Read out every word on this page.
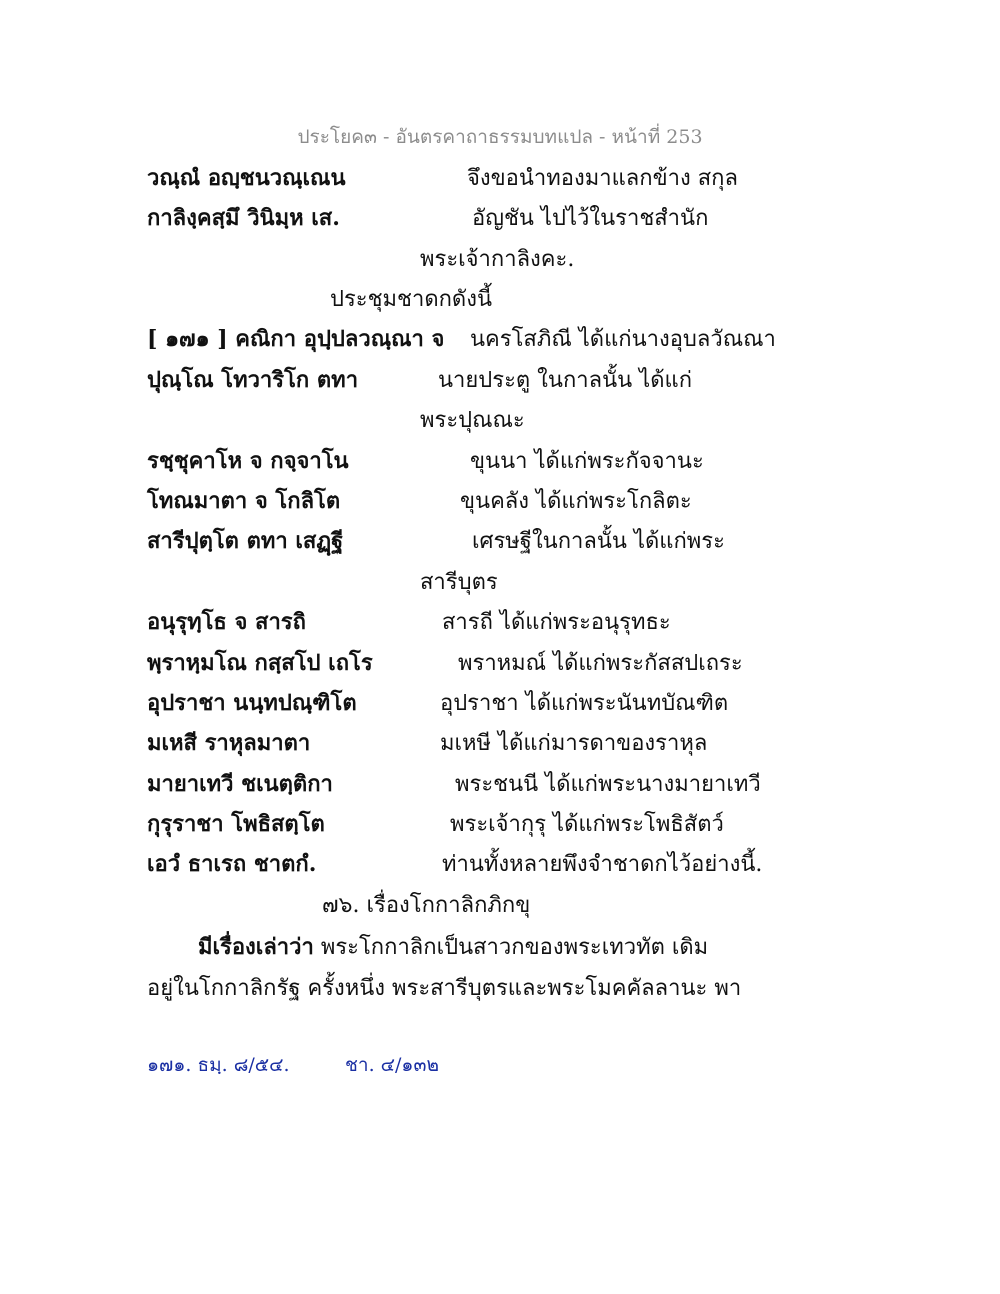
ประโยค๓ - อันตรคาถาธรรมบทแปล - หน้าที่ 253
วณฺณํ อญฺชนวณฺเณน	จึงขอนำทองมาแลกข้าง สกุล
กาลิงฺคสฺมึ วินิมฺห เส.	อัญชัน ไปไว้ในราชสำนัก
พระเจ้ากาลิงคะ.
ประชุมชาดกดังนี้
[ ๑๗๑ ] คณิกา อุปฺปลวณฺณา จ นครโสภิณี ได้แก่นางอุบลวัณณา
ปุณฺโณ โทวาริโก ตทา	นายประตู ในกาลนั้น ได้แก่
พระปุณณะ
รชฺชุคาโห จ กจฺจาโน	ขุนนา ได้แก่พระกัจจานะ
โทณมาตา จ โกลิโต	ขุนคลัง ได้แก่พระโกลิตะ
สารีปุตฺโต ตทา เสฏฺฐี	เศรษฐีในกาลนั้น ได้แก่พระ
สารีบุตร
อนุรุทฺโธ จ สารถิ	สารถี ได้แก่พระอนุรุทธะ
พฺราหฺมโณ กสฺสโป เถโร	พราหมณ์ ได้แก่พระกัสสปเถระ
อุปราชา นนฺทปณฺฑิโต	อุปราชา ได้แก่พระนันทบัณฑิต
มเหสี ราหุลมาตา	มเหษี ได้แก่มารดาของราหุล
มายาเทวี ชเนตฺติกา	พระชนนี ได้แก่พระนางมายาเทวี
กุรุราชา โพธิสตฺโต	พระเจ้ากุรุ ได้แก่พระโพธิสัตว์
เอวํ ธาเรถ ชาตกํ.	ท่านทั้งหลายพึงจำชาดกไว้อย่างนี้.
๗๖. เรื่องโกกาลิกภิกขุ
มีเรื่องเล่าว่า พระโกกาลิกเป็นสาวกของพระเทวทัต เดิม
อยู่ในโกกาลิกรัฐ ครั้งหนึ่ง พระสารีบุตรและพระโมคคัลลานะ พา
๑๗๑. ธมฺ. ๘/๕๔.	ชา. ๔/๑๓๒
